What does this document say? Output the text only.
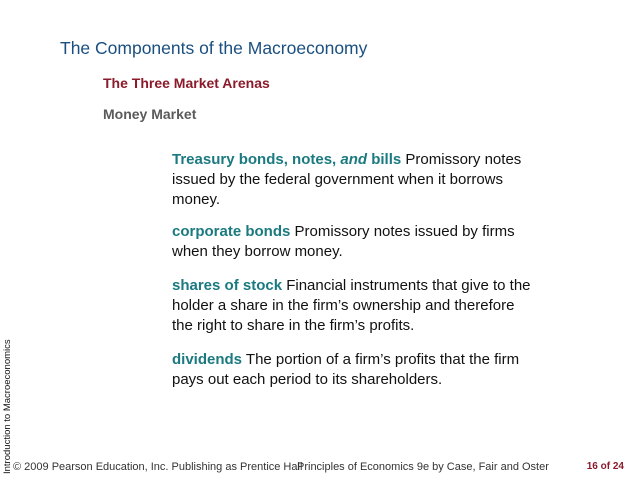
The Components of the Macroeconomy
The Three Market Arenas
Money Market

Treasury bonds, notes, and bills Promissory notes issued by the federal government when it borrows money.

corporate bonds Promissory notes issued by firms when they borrow money.

shares of stock Financial instruments that give to the holder a share in the firm’s ownership and therefore the right to share in the firm’s profits.

dividends The portion of a firm’s profits that the firm pays out each period to its shareholders.

Introduction to Macroeconomics © 2009 Pearson Education, Inc. Publishing as Prentice Hall
Principles of Economics 9e by Case, Fair and Oster	16 of 24
